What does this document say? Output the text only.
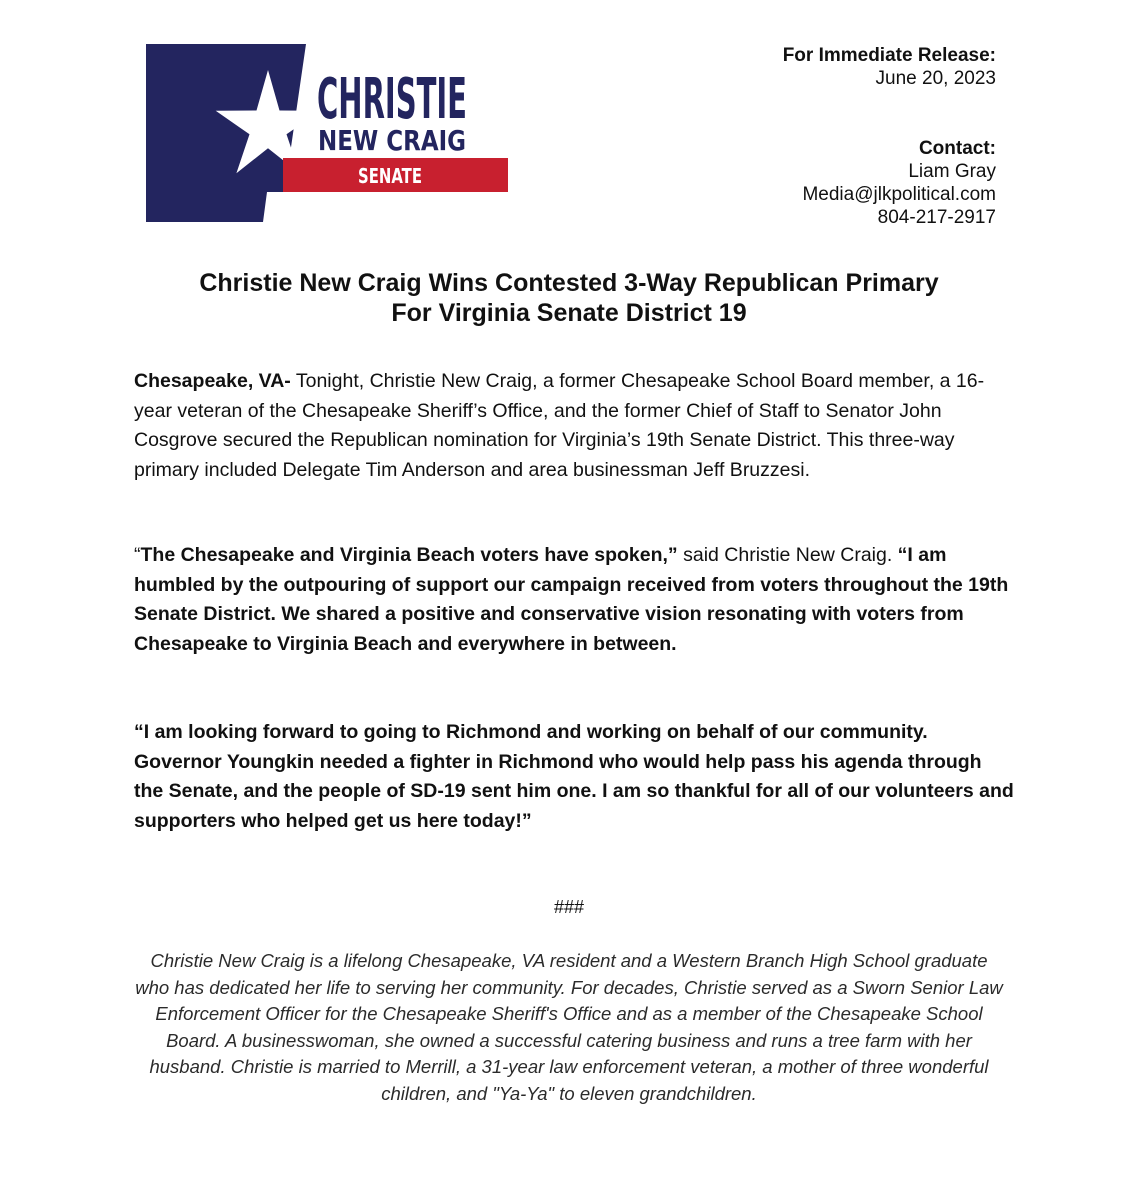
CHRISTIE
NEW CRAIG
SENATE
For Immediate Release:
June 20, 2023
Contact:
Liam Gray
Media@jlkpolitical.com
804-217-2917
Christie New Craig Wins Contested 3-Way Republican Primary
For Virginia Senate District 19
Chesapeake, VA- Tonight, Christie New Craig, a former Chesapeake School Board member, a 16-year veteran of the Chesapeake Sheriff’s Office, and the former Chief of Staff to Senator John Cosgrove secured the Republican nomination for Virginia’s 19th Senate District. This three-way primary included Delegate Tim Anderson and area businessman Jeff Bruzzesi.
“The Chesapeake and Virginia Beach voters have spoken,” said Christie New Craig. “I am humbled by the outpouring of support our campaign received from voters throughout the 19th Senate District. We shared a positive and conservative vision resonating with voters from Chesapeake to Virginia Beach and everywhere in between.
“I am looking forward to going to Richmond and working on behalf of our community. Governor Youngkin needed a fighter in Richmond who would help pass his agenda through the Senate, and the people of SD-19 sent him one. I am so thankful for all of our volunteers and supporters who helped get us here today!”
###
Christie New Craig is a lifelong Chesapeake, VA resident and a Western Branch High School graduate who has dedicated her life to serving her community. For decades, Christie served as a Sworn Senior Law Enforcement Officer for the Chesapeake Sheriff's Office and as a member of the Chesapeake School Board. A businesswoman, she owned a successful catering business and runs a tree farm with her husband. Christie is married to Merrill, a 31-year law enforcement veteran, a mother of three wonderful children, and "Ya-Ya" to eleven grandchildren.
